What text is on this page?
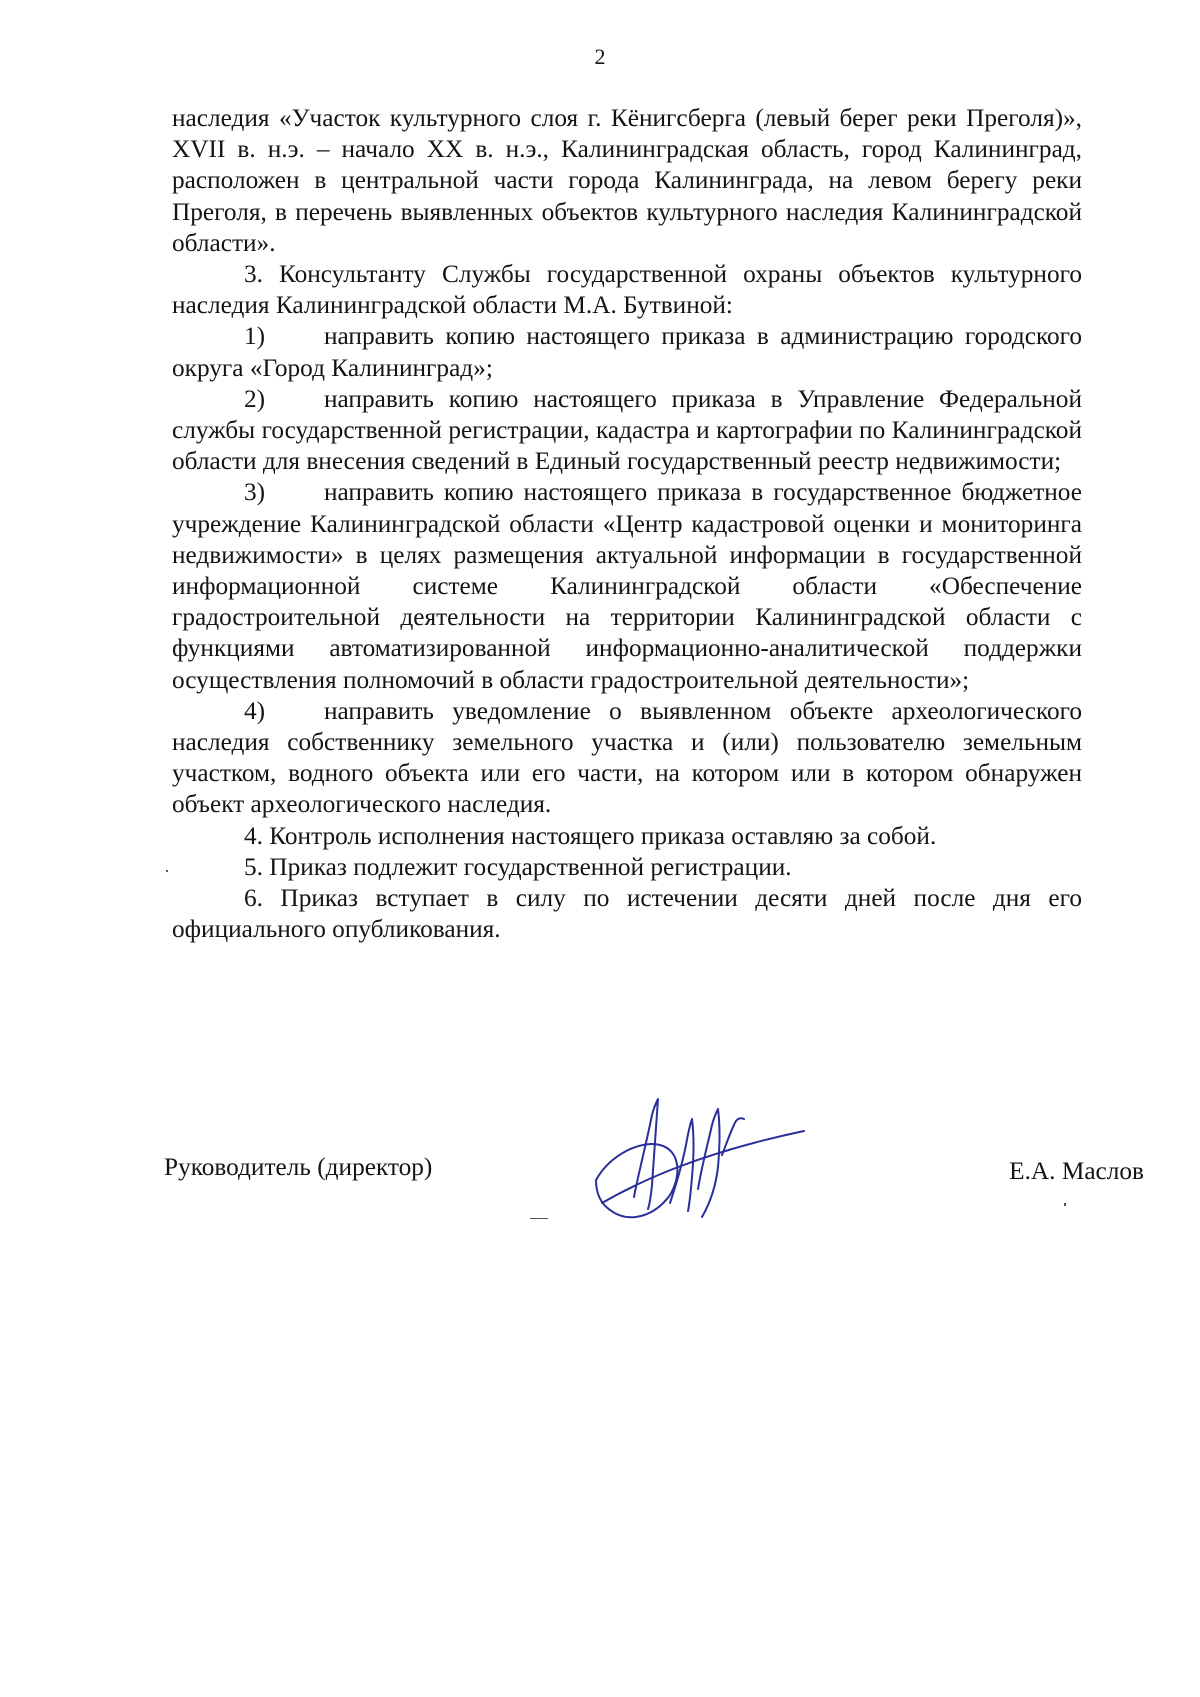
2

наследия «Участок культурного слоя г. Кёнигсберга (левый берег реки Преголя)», XVII в. н.э. – начало XX в. н.э., Калининградская область, город Калининград, расположен в центральной части города Калининграда, на левом берегу реки Преголя, в перечень выявленных объектов культурного наследия Калининградской области».

3. Консультанту Службы государственной охраны объектов культурного наследия Калининградской области М.А. Бутвиной:

1) направить копию настоящего приказа в администрацию городского округа «Город Калининград»;

2) направить копию настоящего приказа в Управление Федеральной службы государственной регистрации, кадастра и картографии по Калининградской области для внесения сведений в Единый государственный реестр недвижимости;

3) направить копию настоящего приказа в государственное бюджетное учреждение Калининградской области «Центр кадастровой оценки и мониторинга недвижимости» в целях размещения актуальной информации в государственной информационной системе Калининградской области «Обеспечение градостроительной деятельности на территории Калининградской области с функциями автоматизированной информационно-аналитической поддержки осуществления полномочий в области градостроительной деятельности»;

4) направить уведомление о выявленном объекте археологического наследия собственнику земельного участка и (или) пользователю земельным участком, водного объекта или его части, на котором или в котором обнаружен объект археологического наследия.

4. Контроль исполнения настоящего приказа оставляю за собой.

5. Приказ подлежит государственной регистрации.

6. Приказ вступает в силу по истечении десяти дней после дня его официального опубликования.

Руководитель (директор)	Е.А. Маслов
